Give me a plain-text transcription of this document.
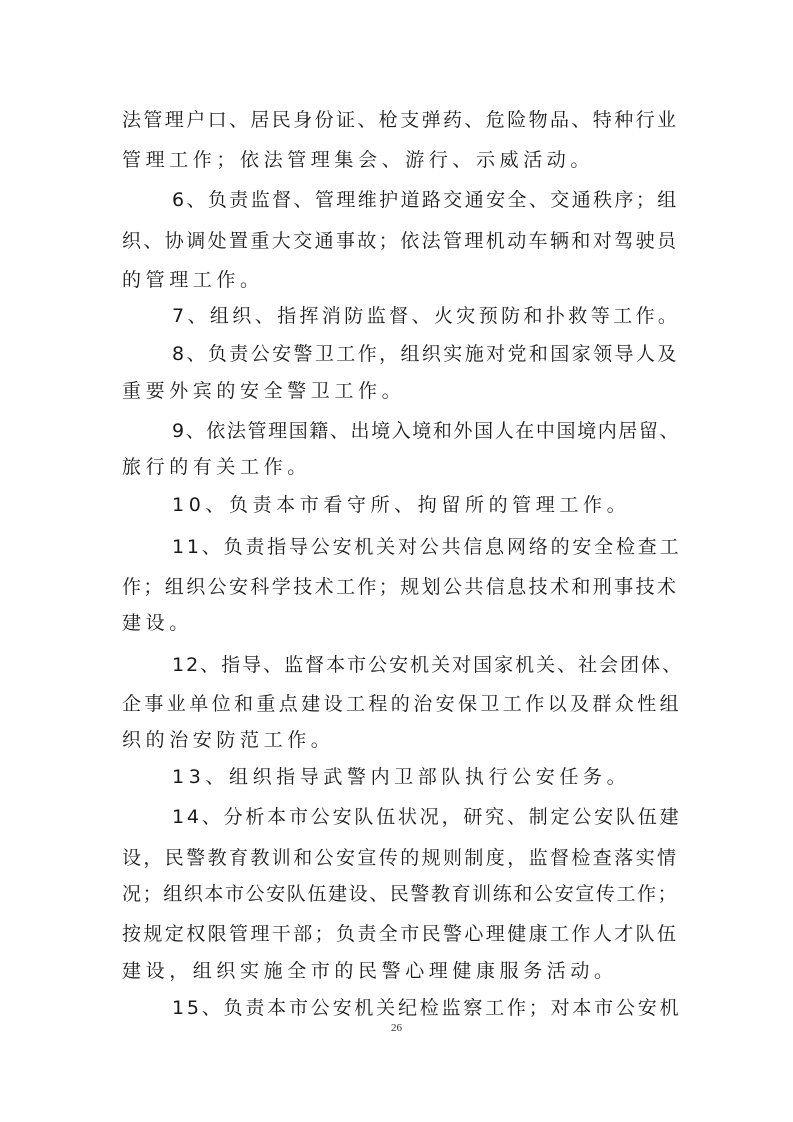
法管理户口、居民身份证、枪支弹药、危险物品、特种行业
管理工作；依法管理集会、游行、示威活动。
6、负责监督、管理维护道路交通安全、交通秩序；组
织、协调处置重大交通事故；依法管理机动车辆和对驾驶员
的管理工作。
7、组织、指挥消防监督、火灾预防和扑救等工作。
8、负责公安警卫工作，组织实施对党和国家领导人及
重要外宾的安全警卫工作。
9、依法管理国籍、出境入境和外国人在中国境内居留、
旅行的有关工作。
10、负责本市看守所、拘留所的管理工作。
11、负责指导公安机关对公共信息网络的安全检查工
作；组织公安科学技术工作；规划公共信息技术和刑事技术
建设。
12、指导、监督本市公安机关对国家机关、社会团体、
企事业单位和重点建设工程的治安保卫工作以及群众性组
织的治安防范工作。
13、组织指导武警内卫部队执行公安任务。
14、分析本市公安队伍状况，研究、制定公安队伍建
设，民警教育教训和公安宣传的规则制度，监督检查落实情
况；组织本市公安队伍建设、民警教育训练和公安宣传工作；
按规定权限管理干部；负责全市民警心理健康工作人才队伍
建设，组织实施全市的民警心理健康服务活动。
15、负责本市公安机关纪检监察工作；对本市公安机
26
